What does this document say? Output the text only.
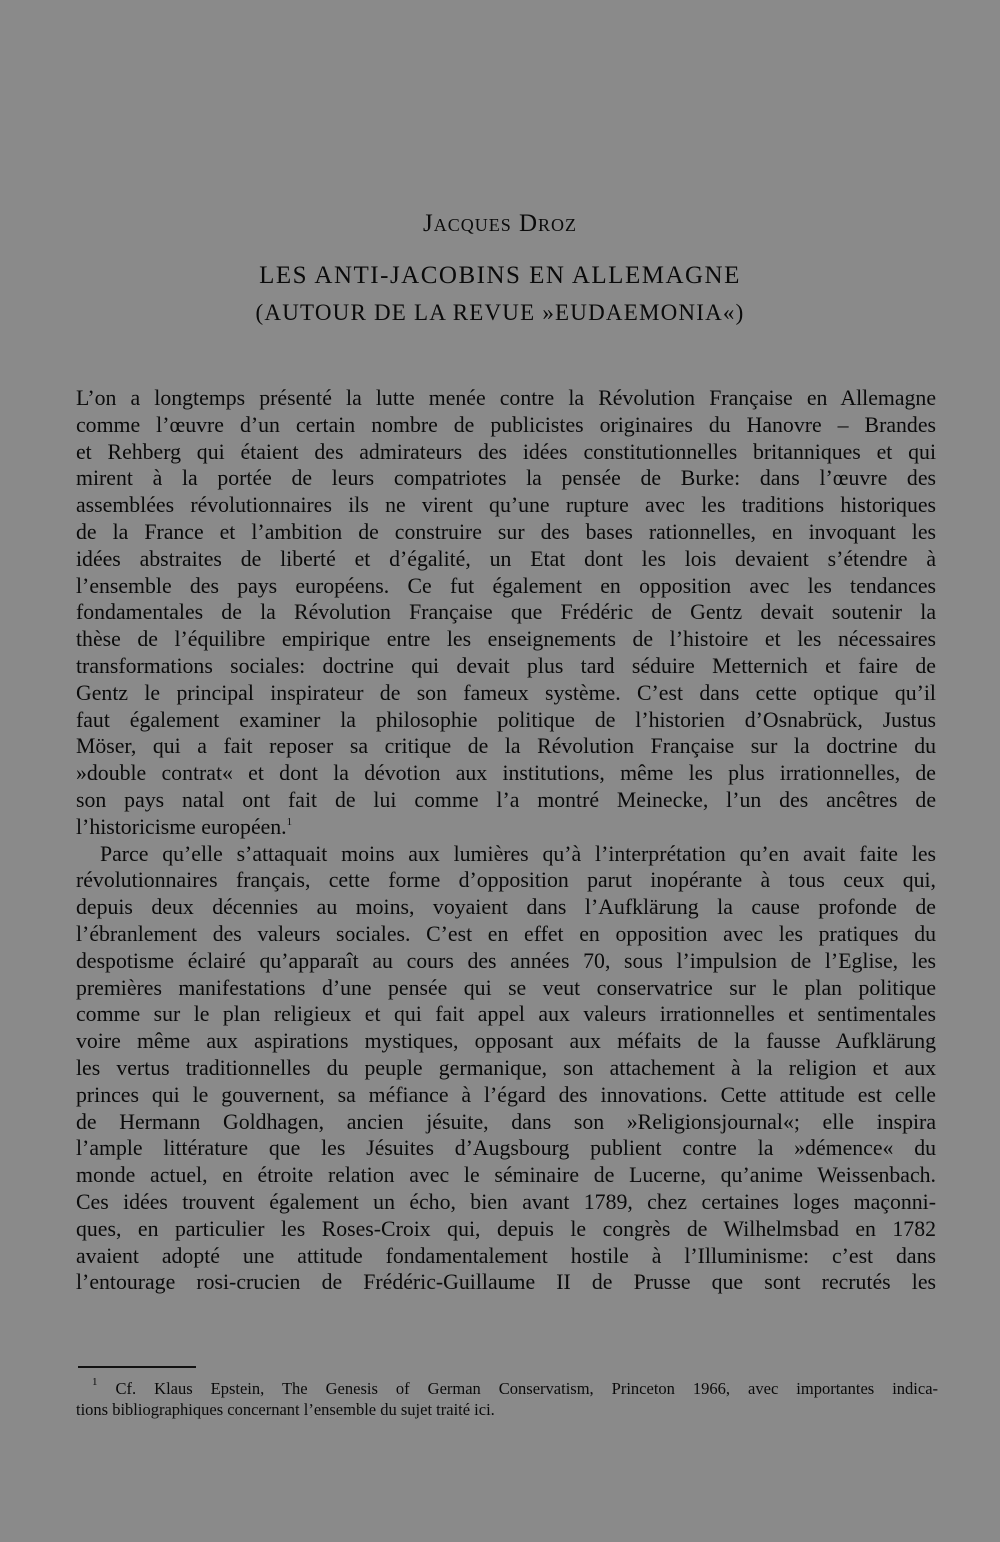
Jacques Droz
LES ANTI-JACOBINS EN ALLEMAGNE
(AUTOUR DE LA REVUE »EUDAEMONIA«)
L’on a longtemps présenté la lutte menée contre la Révolution Française en Allemagne
comme l’œuvre d’un certain nombre de publicistes originaires du Hanovre – Brandes
et Rehberg qui étaient des admirateurs des idées constitutionnelles britanniques et qui
mirent à la portée de leurs compatriotes la pensée de Burke: dans l’œuvre des
assemblées révolutionnaires ils ne virent qu’une rupture avec les traditions historiques
de la France et l’ambition de construire sur des bases rationnelles, en invoquant les
idées abstraites de liberté et d’égalité, un Etat dont les lois devaient s’étendre à
l’ensemble des pays européens. Ce fut également en opposition avec les tendances
fondamentales de la Révolution Française que Frédéric de Gentz devait soutenir la
thèse de l’équilibre empirique entre les enseignements de l’histoire et les nécessaires
transformations sociales: doctrine qui devait plus tard séduire Metternich et faire de
Gentz le principal inspirateur de son fameux système. C’est dans cette optique qu’il
faut également examiner la philosophie politique de l’historien d’Osnabrück, Justus
Möser, qui a fait reposer sa critique de la Révolution Française sur la doctrine du
»double contrat« et dont la dévotion aux institutions, même les plus irrationnelles, de
son pays natal ont fait de lui comme l’a montré Meinecke, l’un des ancêtres de
l’historicisme européen.$^1$
Parce qu’elle s’attaquait moins aux lumières qu’à l’interprétation qu’en avait faite les
révolutionnaires français, cette forme d’opposition parut inopérante à tous ceux qui,
depuis deux décennies au moins, voyaient dans l’Aufklärung la cause profonde de
l’ébranlement des valeurs sociales. C’est en effet en opposition avec les pratiques du
despotisme éclairé qu’apparaît au cours des années 70, sous l’impulsion de l’Eglise, les
premières manifestations d’une pensée qui se veut conservatrice sur le plan politique
comme sur le plan religieux et qui fait appel aux valeurs irrationnelles et sentimentales
voire même aux aspirations mystiques, opposant aux méfaits de la fausse Aufklärung
les vertus traditionnelles du peuple germanique, son attachement à la religion et aux
princes qui le gouvernent, sa méfiance à l’égard des innovations. Cette attitude est celle
de Hermann Goldhagen, ancien jésuite, dans son »Religionsjournal«; elle inspira
l’ample littérature que les Jésuites d’Augsbourg publient contre la »démence« du
monde actuel, en étroite relation avec le séminaire de Lucerne, qu’anime Weissenbach.
Ces idées trouvent également un écho, bien avant 1789, chez certaines loges maçonni-
ques, en particulier les Roses-Croix qui, depuis le congrès de Wilhelmsbad en 1782
avaient adopté une attitude fondamentalement hostile à l’Illuminisme: c’est dans
l’entourage rosi-crucien de Frédéric-Guillaume II de Prusse que sont recrutés les
$^1$ Cf. Klaus Epstein, The Genesis of German Conservatism, Princeton 1966, avec importantes indica-
tions bibliographiques concernant l’ensemble du sujet traité ici.
